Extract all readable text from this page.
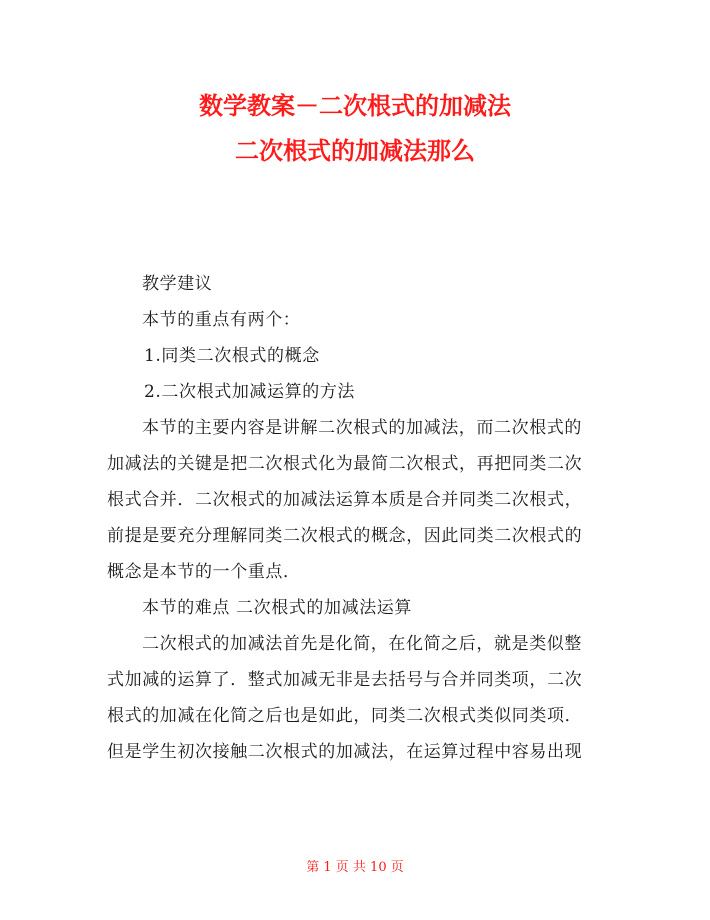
数学教案－二次根式的加减法
二次根式的加减法那么
教学建议
本节的重点有两个：
1.同类二次根式的概念
2.二次根式加减运算的方法
本节的主要内容是讲解二次根式的加减法，而二次根式的
加减法的关键是把二次根式化为最简二次根式，再把同类二次
根式合并．二次根式的加减法运算本质是合并同类二次根式，
前提是要充分理解同类二次根式的概念，因此同类二次根式的
概念是本节的一个重点．
本节的难点 二次根式的加减法运算
二次根式的加减法首先是化简，在化简之后，就是类似整
式加减的运算了．整式加减无非是去括号与合并同类项，二次
根式的加减在化简之后也是如此，同类二次根式类似同类项．
但是学生初次接触二次根式的加减法，在运算过程中容易出现
第 1 页 共 10 页
